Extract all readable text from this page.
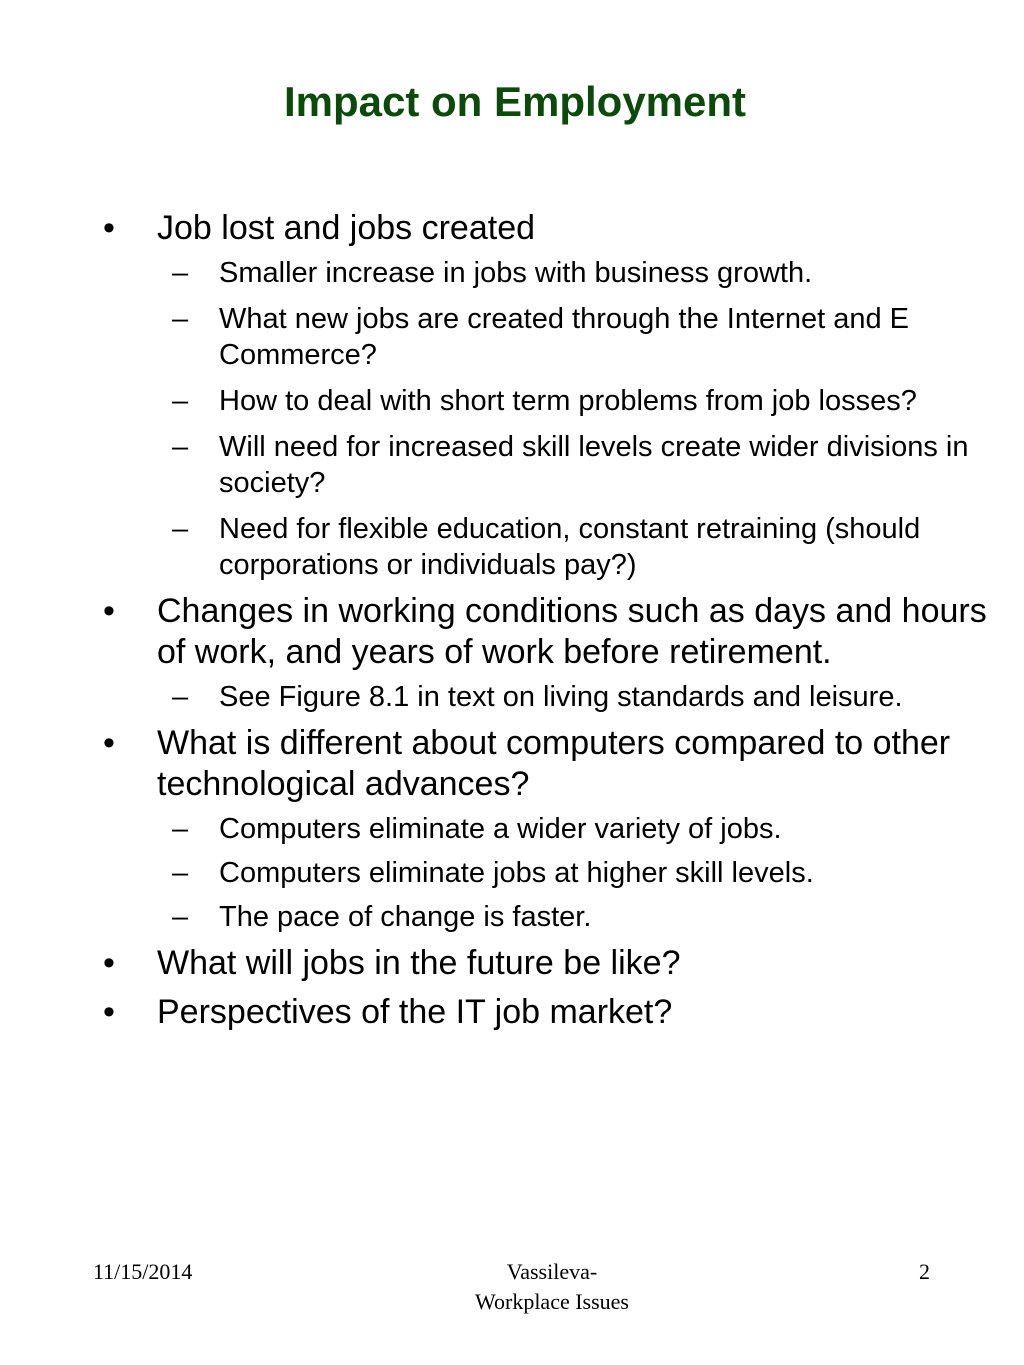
Impact on Employment
• Job lost and jobs created
– Smaller increase in jobs with business growth.
– What new jobs are created through the Internet and E Commerce?
– How to deal with short term problems from job losses?
– Will need for increased skill levels create wider divisions in society?
– Need for flexible education, constant retraining (should corporations or individuals pay?)
• Changes in working conditions such as days and hours of work, and years of work before retirement.
– See Figure 8.1 in text on living standards and leisure.
• What is different about computers compared to other technological advances?
– Computers eliminate a wider variety of jobs.
– Computers eliminate jobs at higher skill levels.
– The pace of change is faster.
• What will jobs in the future be like?
• Perspectives of the IT job market?
11/15/2014	Vassileva-
Workplace Issues
2
